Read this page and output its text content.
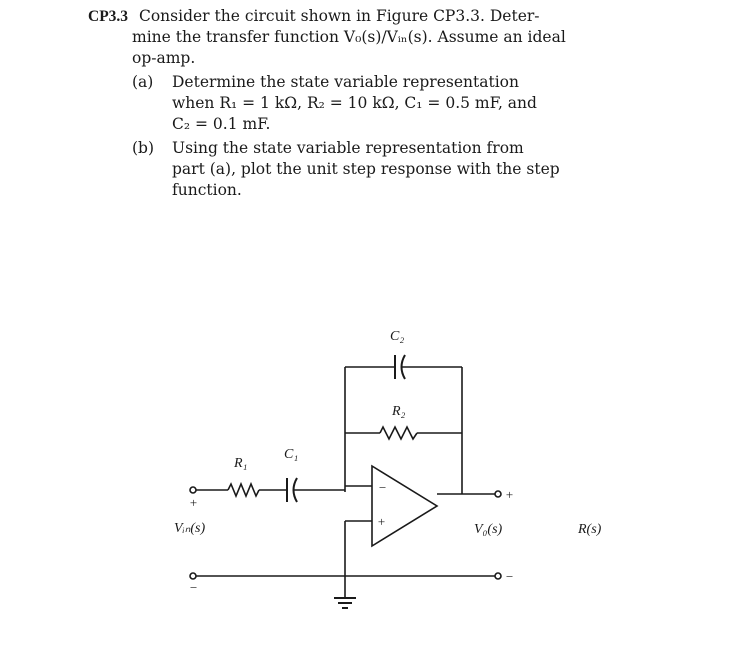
CP3.3 Consider the circuit shown in Figure CP3.3. Deter-
mine the transfer function V₀(s)/Vᵢₙ(s). Assume an ideal
op-amp.
(a) Determine the state variable representation
when R₁ = 1 kΩ, R₂ = 10 kΩ, C₁ = 0.5 mF, and
C₂ = 0.1 mF.
(b) Using the state variable representation from
part (a), plot the unit step response with the step
function.
C₂
R₂
R₁
C₁
Vᵢₙ(s)	V₀(s)	R(s)
−
+
+
−
+
−
